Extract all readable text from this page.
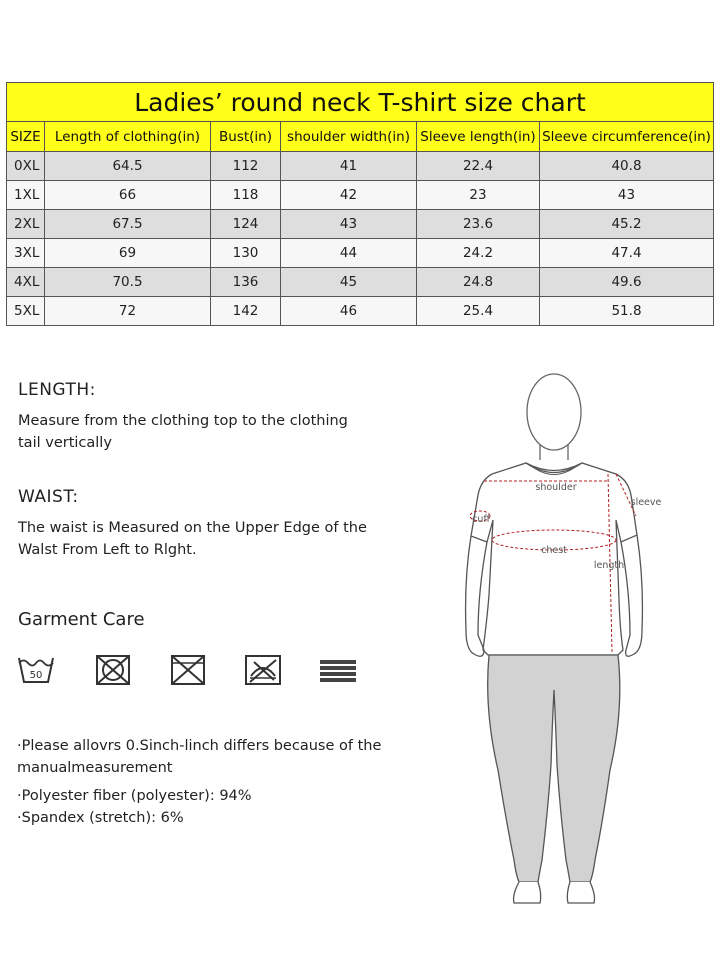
Ladies’ round neck T-shirt size chart					
SIZE	Length of clothing(in)	Bust(in)	shoulder width(in)	Sleeve length(in)	Sleeve circumference(in)
0XL	64.5	112	41	22.4	40.8
1XL	66	118	42	23	43
2XL	67.5	124	43	23.6	45.2
3XL	69	130	44	24.2	47.4
4XL	70.5	136	45	24.8	49.6
5XL	72	142	46	25.4	51.8
LENGTH:

Measure from the clothing top to the clothing tail vertically

WAIST:

The waist is Measured on the Upper Edge of the Walst From Left to Rlght.

Garment Care
50

·Please allovrs 0.Sinch-linch differs because of the manualmeasurement

·Polyester fiber (polyester): 94%

·Spandex (stretch): 6%

shoulder
sleeve
cuff
chest
length
